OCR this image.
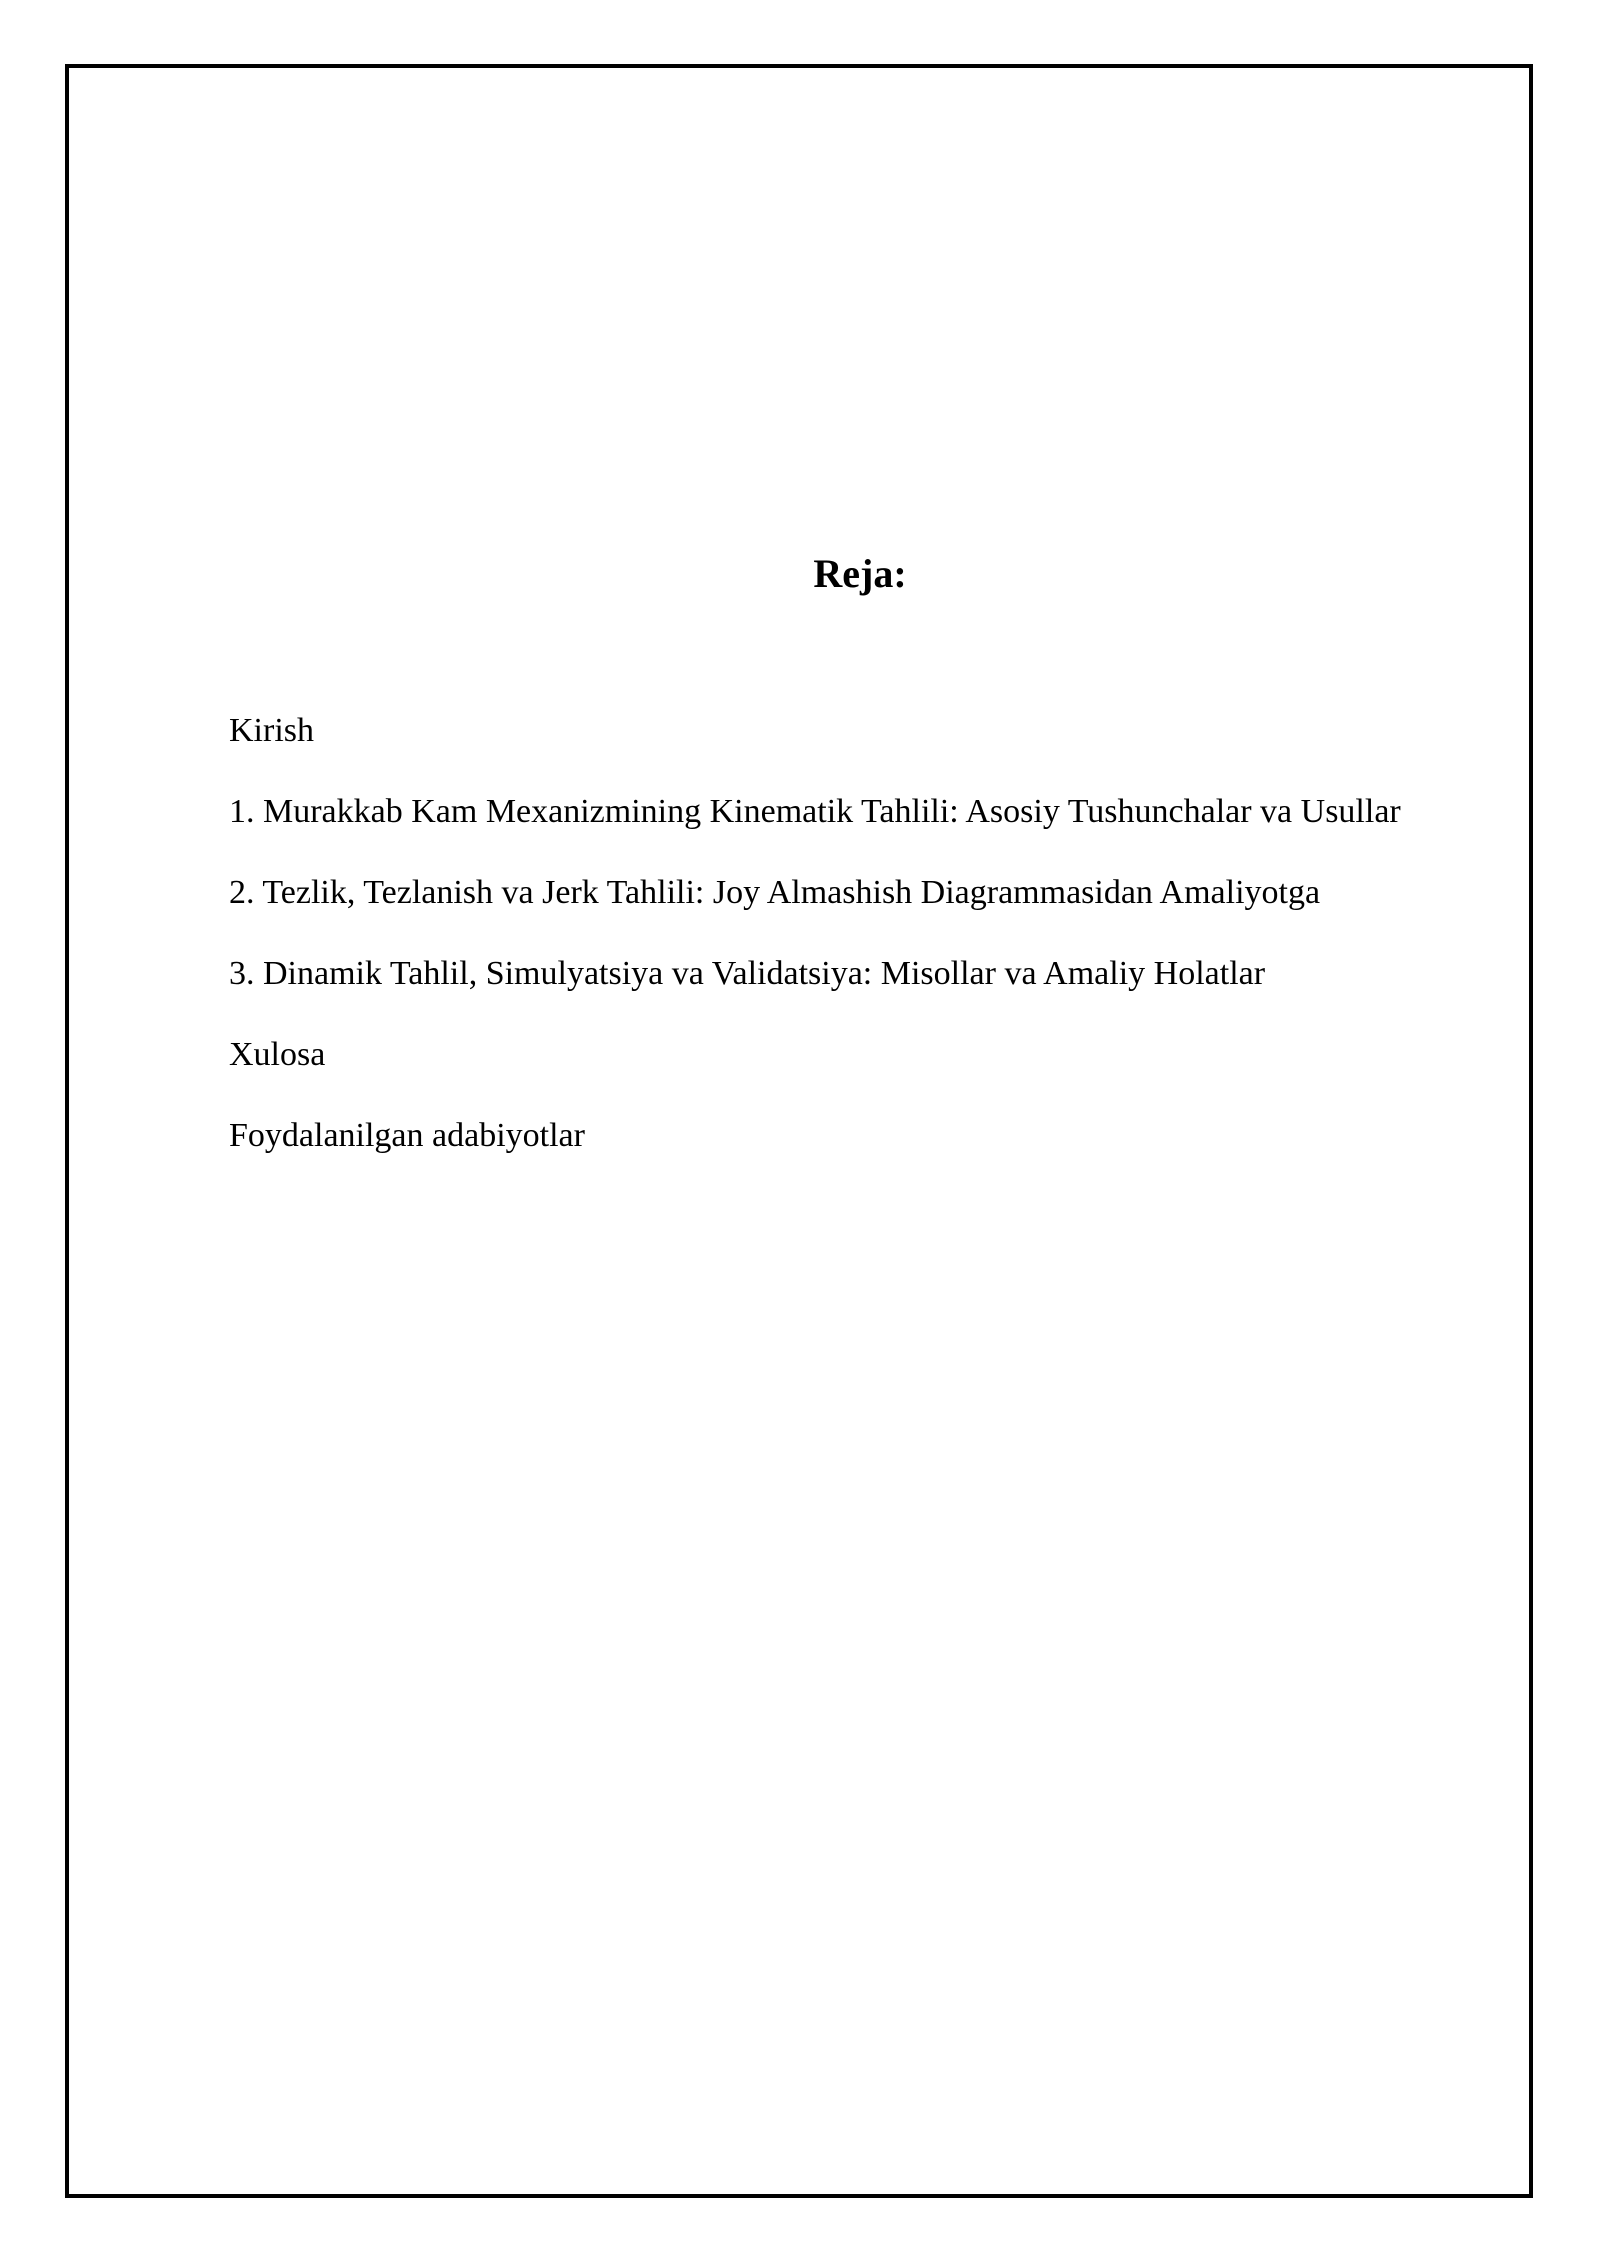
Reja:
Kirish
1. Murakkab Kam Mexanizmining Kinematik Tahlili: Asosiy Tushunchalar va Usullar
2. Tezlik, Tezlanish va Jerk Tahlili: Joy Almashish Diagrammasidan Amaliyotga
3. Dinamik Tahlil, Simulyatsiya va Validatsiya: Misollar va Amaliy Holatlar
Xulosa
Foydalanilgan adabiyotlar
